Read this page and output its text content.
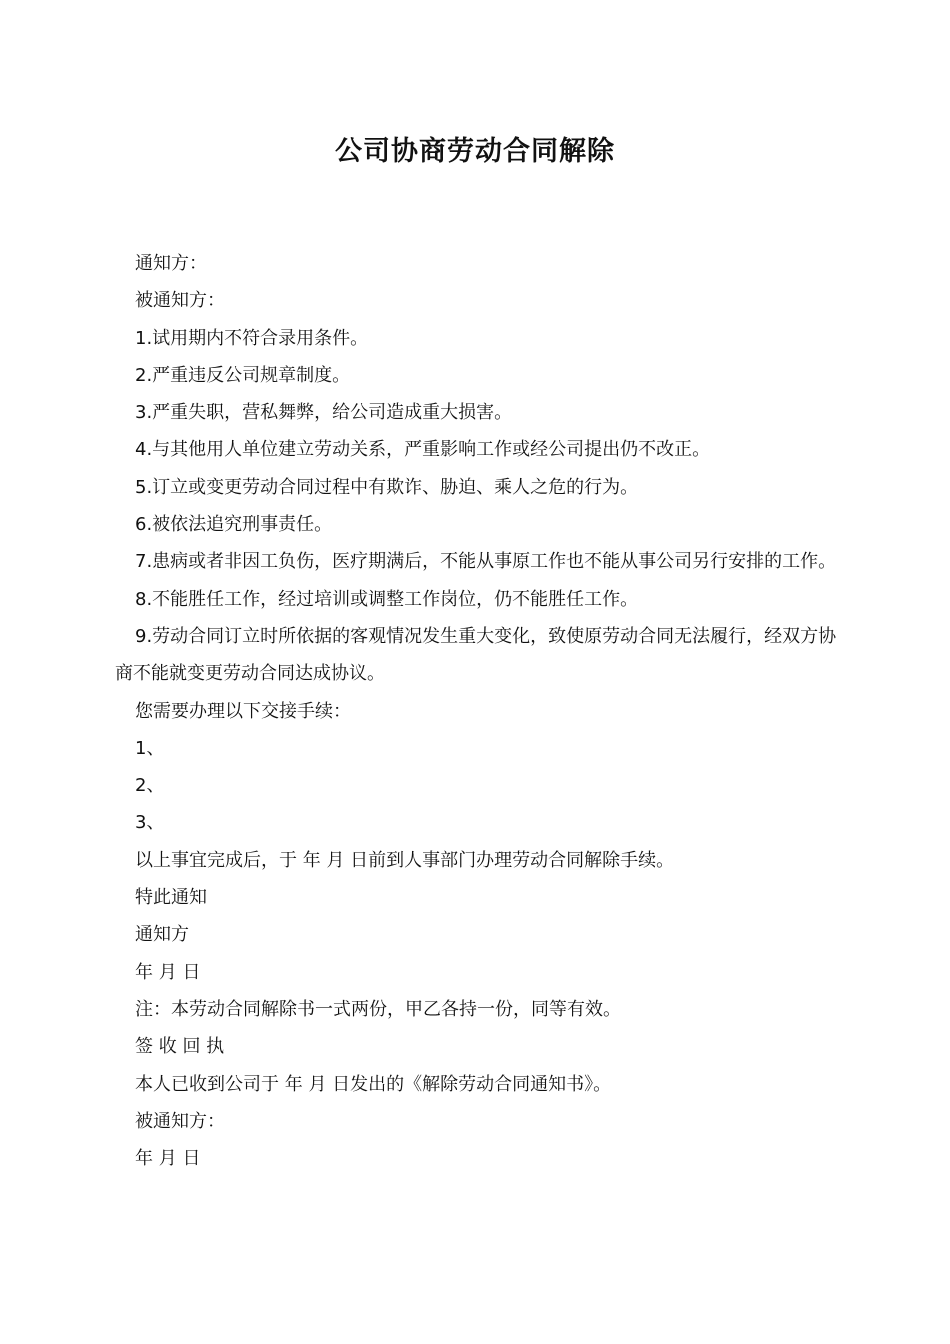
公司协商劳动合同解除

通知方：

被通知方：

1.试用期内不符合录用条件。

2.严重违反公司规章制度。

3.严重失职，营私舞弊，给公司造成重大损害。

4.与其他用人单位建立劳动关系，严重影响工作或经公司提出仍不改正。

5.订立或变更劳动合同过程中有欺诈、胁迫、乘人之危的行为。

6.被依法追究刑事责任。

7.患病或者非因工负伤，医疗期满后，不能从事原工作也不能从事公司另行安排的工作。

8.不能胜任工作，经过培训或调整工作岗位，仍不能胜任工作。

9.劳动合同订立时所依据的客观情况发生重大变化，致使原劳动合同无法履行，经双方协商不能就变更劳动合同达成协议。

您需要办理以下交接手续：

1、

2、

3、

以上事宜完成后，于 年 月 日前到人事部门办理劳动合同解除手续。

特此通知

通知方

年 月 日

注：本劳动合同解除书一式两份，甲乙各持一份，同等有效。

签 收 回 执

本人已收到公司于 年 月 日发出的《解除劳动合同通知书》。

被通知方：

年 月 日
